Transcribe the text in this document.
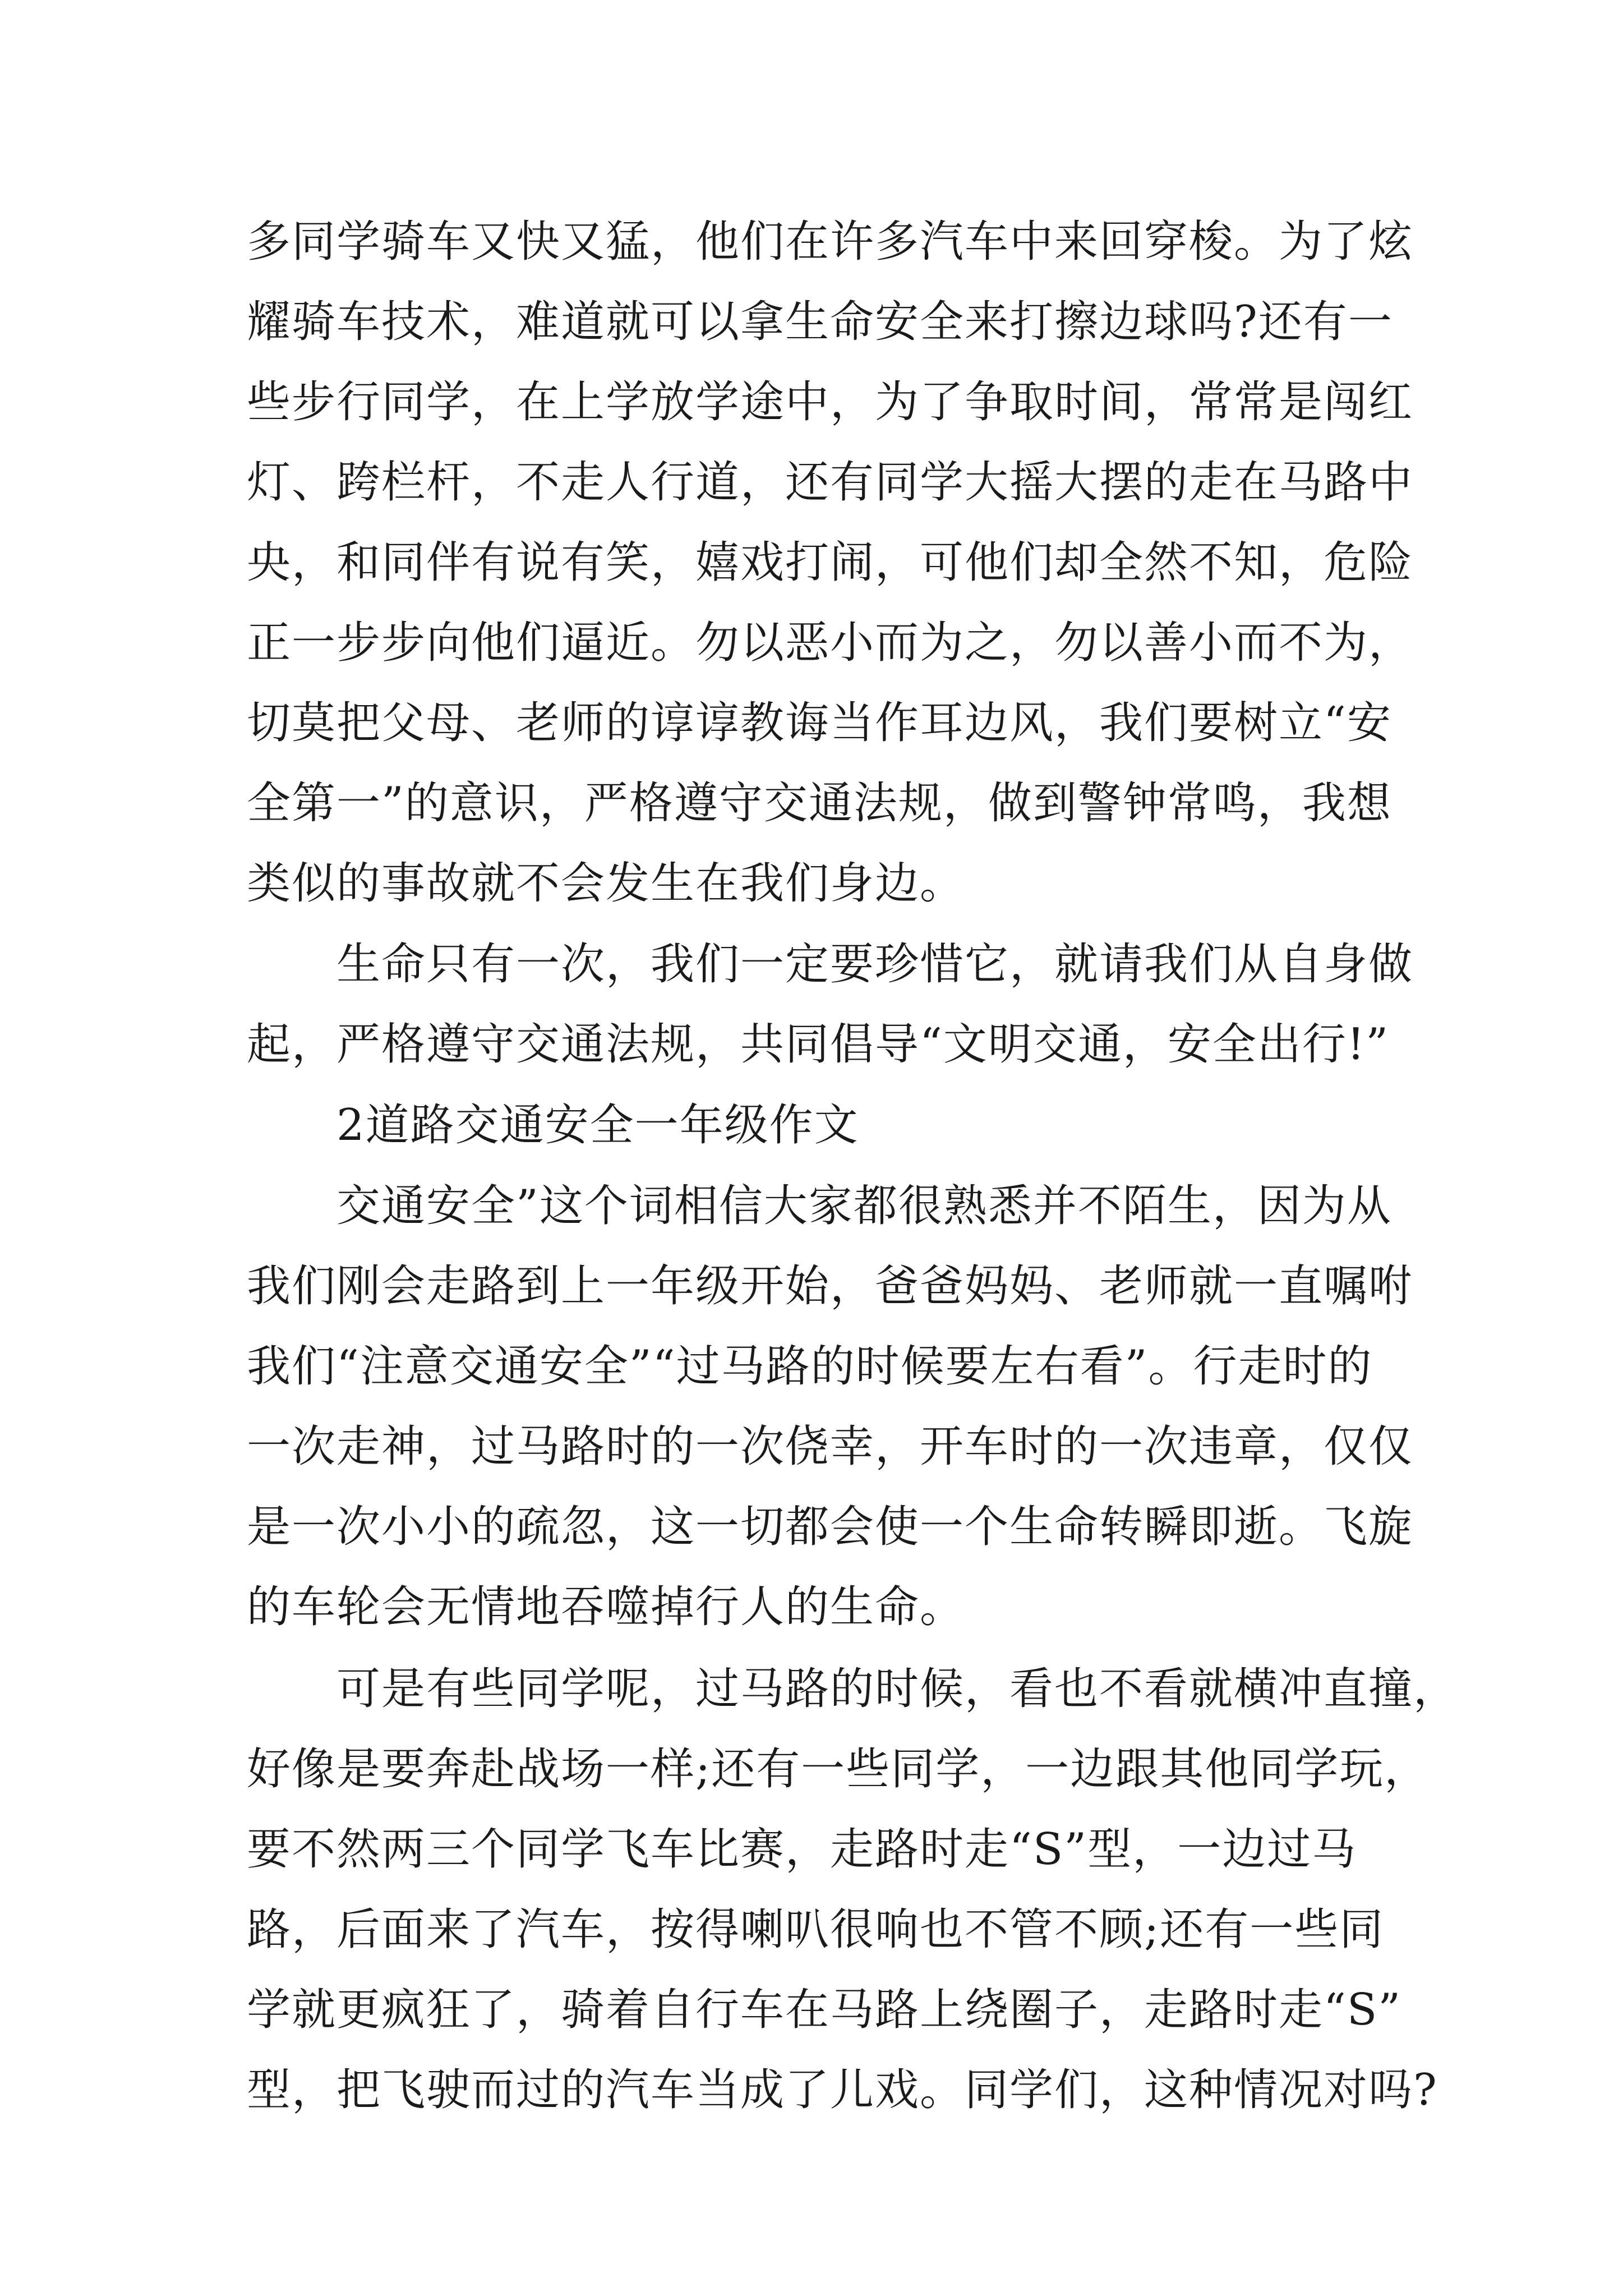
多同学骑车又快又猛，他们在许多汽车中来回穿梭。为了炫
耀骑车技术，难道就可以拿生命安全来打擦边球吗?还有一
些步行同学，在上学放学途中，为了争取时间，常常是闯红
灯、跨栏杆，不走人行道，还有同学大摇大摆的走在马路中
央，和同伴有说有笑，嬉戏打闹，可他们却全然不知，危险
正一步步向他们逼近。勿以恶小而为之，勿以善小而不为，
切莫把父母、老师的谆谆教诲当作耳边风，我们要树立“安
全第一”的意识，严格遵守交通法规，做到警钟常鸣，我想
类似的事故就不会发生在我们身边。
生命只有一次，我们一定要珍惜它，就请我们从自身做
起，严格遵守交通法规，共同倡导“文明交通，安全出行!”
2道路交通安全一年级作文
交通安全”这个词相信大家都很熟悉并不陌生，因为从
我们刚会走路到上一年级开始，爸爸妈妈、老师就一直嘱咐
我们“注意交通安全”“过马路的时候要左右看”。行走时的
一次走神，过马路时的一次侥幸，开车时的一次违章，仅仅
是一次小小的疏忽，这一切都会使一个生命转瞬即逝。飞旋
的车轮会无情地吞噬掉行人的生命。
可是有些同学呢，过马路的时候，看也不看就横冲直撞，
好像是要奔赴战场一样;还有一些同学，一边跟其他同学玩，
要不然两三个同学飞车比赛，走路时走“S”型，一边过马
路，后面来了汽车，按得喇叭很响也不管不顾;还有一些同
学就更疯狂了，骑着自行车在马路上绕圈子，走路时走“S”
型，把飞驶而过的汽车当成了儿戏。同学们，这种情况对吗?
